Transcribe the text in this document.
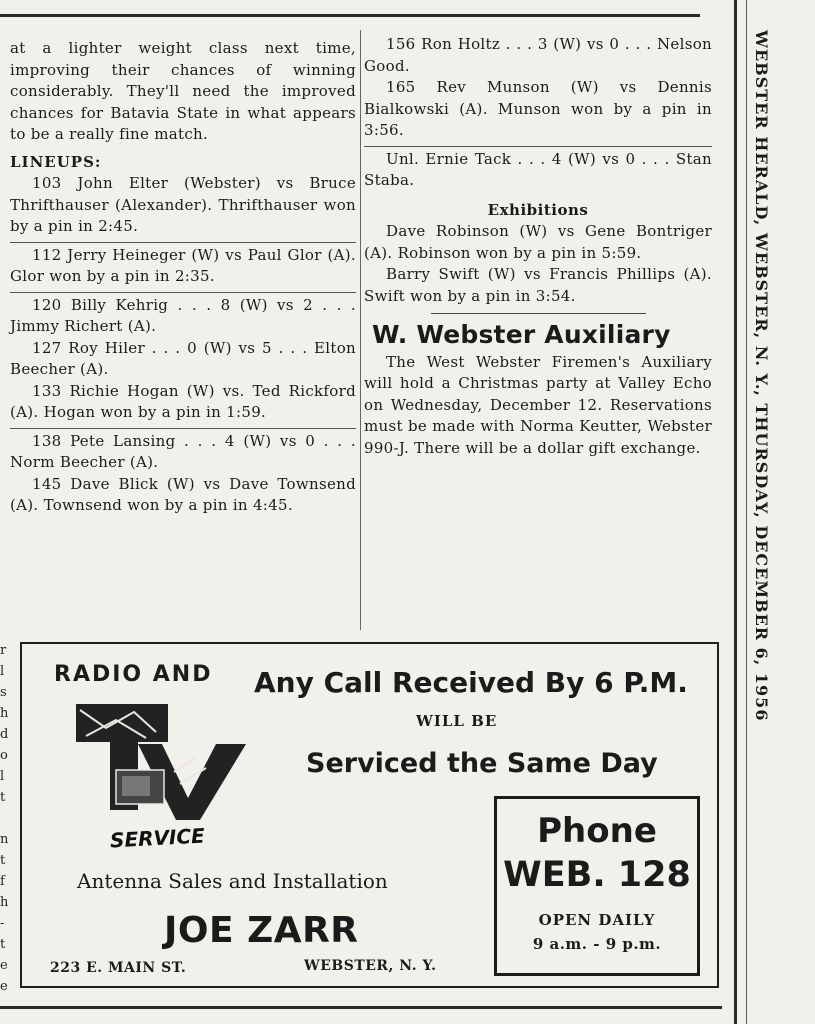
at a lighter weight class next time, improving their chances of winning considerably. They'll need the improved chances for Batavia State in what appears to be a really fine match.

LINEUPS:

103 John Elter (Webster) vs Bruce Thrifthauser (Alexander). Thrifthauser won by a pin in 2:45.

112 Jerry Heineger (W) vs Paul Glor (A). Glor won by a pin in 2:35.

120 Billy Kehrig . . . 8 (W) vs 2 . . . Jimmy Richert (A).

127 Roy Hiler . . . 0 (W) vs 5 . . . Elton Beecher (A).

133 Richie Hogan (W) vs. Ted Rickford (A). Hogan won by a pin in 1:59.

138 Pete Lansing . . . 4 (W) vs 0 . . . Norm Beecher (A).

145 Dave Blick (W) vs Dave Townsend (A). Townsend won by a pin in 4:45.

156 Ron Holtz . . . 3 (W) vs 0 . . . Nelson Good.

165 Rev Munson (W) vs Dennis Bialkowski (A). Munson won by a pin in 3:56.

Unl. Ernie Tack . . . 4 (W) vs 0 . . . Stan Staba.

Exhibitions

Dave Robinson (W) vs Gene Bontriger (A). Robinson won by a pin in 5:59.

Barry Swift (W) vs Francis Phillips (A). Swift won by a pin in 3:54.

W. Webster Auxiliary

The West Webster Firemen's Auxiliary will hold a Christmas party at Valley Echo on Wednesday, December 12. Reservations must be made with Norma Keutter, Webster 990-J. There will be a dollar gift exchange.

r
l
s
h
d
o
l
t

n
t
f
h
-
t
e
e
WEBSTER HERALD, WEBSTER, N. Y., THURSDAY, DECEMBER 6, 1956
RADIO AND
TV
SERVICE
Any Call Received By 6 P.M.
WILL BE
Serviced the Same Day
Antenna Sales and Installation
JOE ZARR
223 E. MAIN ST.	WEBSTER, N. Y.
Phone
WEB. 128
OPEN DAILY
9 a.m. - 9 p.m.
